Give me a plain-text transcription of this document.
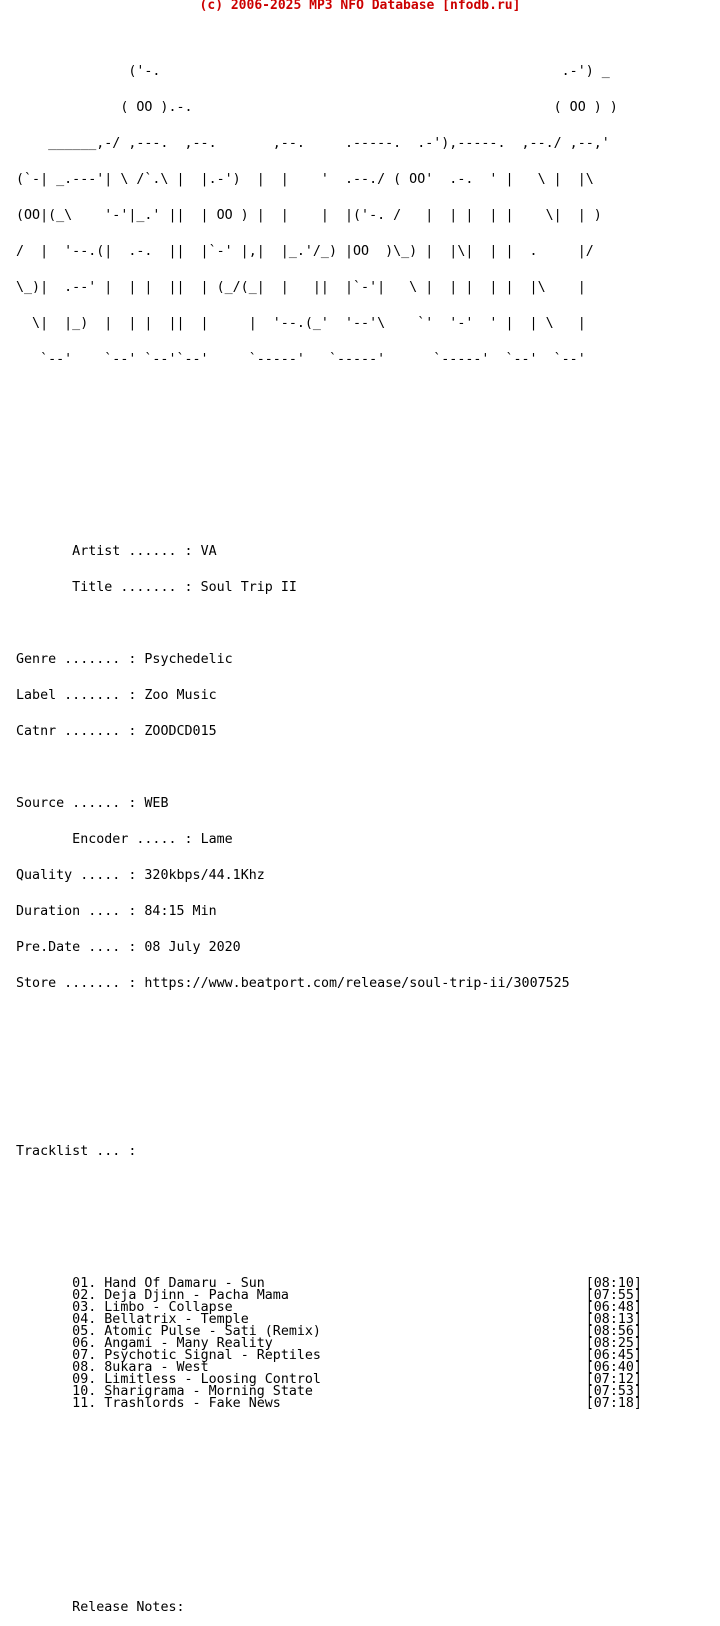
(c) 2006-2025 MP3 NFO Database [nfodb.ru]

('-.                                                  .-') _

( OO ).-.                                             ( OO ) )

______,-/ ,---.  ,--.       ,--.     .-----.  .-'),-----.  ,--./ ,--,'

(`-| _.---'| \ /`.\ |  |.-')  |  |    '  .--./ ( OO'  .-.  ' |   \ |  |\

(OO|(_\    '-'|_.' ||  | OO ) |  |    |  |('-. /   |  | |  | |    \|  | )

/  |  '--.(|  .-.  ||  |`-' |,|  |_.'/_) |OO  )\_) |  |\|  | |  .     |/

\_)|  .--' |  | |  ||  | (_/(_|  |   ||  |`-'|   \ |  | |  | |  |\    |

\|  |_)  |  | |  ||  |     |  '--.(_'  '--'\    `'  '-'  ' |  | \   |

`--'    `--' `--'`--'     `-----'   `-----'      `-----'  `--'  `--'

Artist ...... : VA

Title ....... : Soul Trip II

Genre ....... : Psychedelic

Label ....... : Zoo Music

Catnr ....... : ZOODCD015

Source ...... : WEB

Encoder ..... : Lame

Quality ..... : 320kbps/44.1Khz

Duration .... : 84:15 Min

Pre.Date .... : 08 July 2020

Store ....... : https://www.beatport.com/release/soul-trip-ii/3007525

Tracklist ... :

01. Hand Of Damaru - Sun	[08:10]
02. Deja Djinn - Pacha Mama	[07:55]
03. Limbo - Collapse	[06:48]
04. Bellatrix - Temple	[08:13]
05. Atomic Pulse - Sati (Remix)	[08:56]
06. Angami - Many Reality	[08:25]
07. Psychotic Signal - Reptiles	[06:45]
08. 8ukara - West	[06:40]
09. Limitless - Loosing Control	[07:12]
10. Sharigrama - Morning State	[07:53]
11. Trashlords - Fake News	[07:18]

Release Notes:
